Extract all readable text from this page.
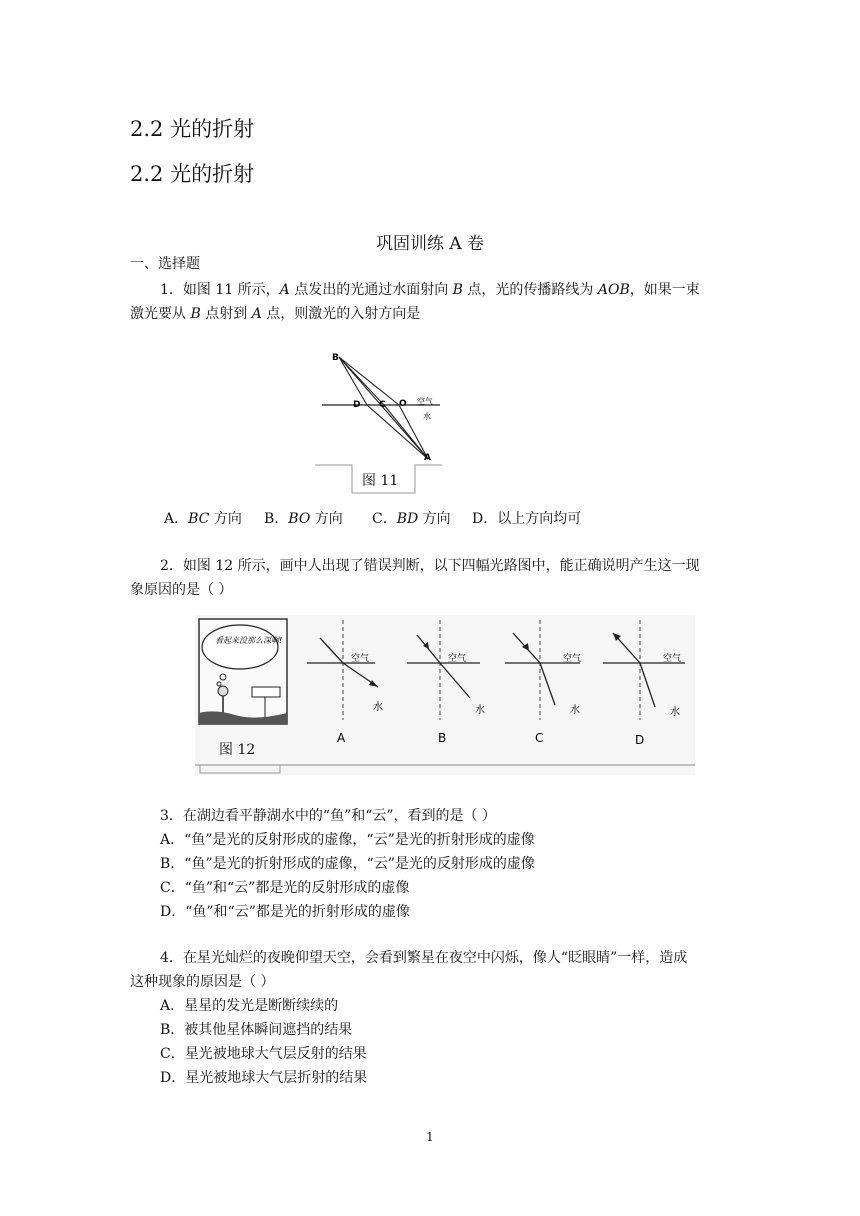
2.2 光的折射
2.2 光的折射
巩固训练 A 卷
一、选择题
1．如图 11 所示，A 点发出的光通过水面射向 B 点，光的传播路线为 AOB，如果一束
激光要从 B 点射到 A 点，则激光的入射方向是
B
D C O 空气
水
A
图 11
A．BC 方向 B．BO 方向 C．BD 方向 D．以上方向均可
2．如图 12 所示，画中人出现了错误判断，以下四幅光路图中，能正确说明产生这一现
象原因的是（ ）
看起来没那么深啊!
空气
水
A
空气
水
B
空气
水
C
空气
水
D
图 12
3．在湖边看平静湖水中的“鱼”和“云”，看到的是（ ）
A．“鱼”是光的反射形成的虚像，“云”是光的折射形成的虚像
B．“鱼”是光的折射形成的虚像，“云”是光的反射形成的虚像
C．“鱼”和“云”都是光的反射形成的虚像
D．“鱼”和“云”都是光的折射形成的虚像
4．在星光灿烂的夜晚仰望天空，会看到繁星在夜空中闪烁，像人“眨眼睛”一样，造成
这种现象的原因是（ ）
A．星星的发光是断断续续的
B．被其他星体瞬间遮挡的结果
C．星光被地球大气层反射的结果
D．星光被地球大气层折射的结果
1
